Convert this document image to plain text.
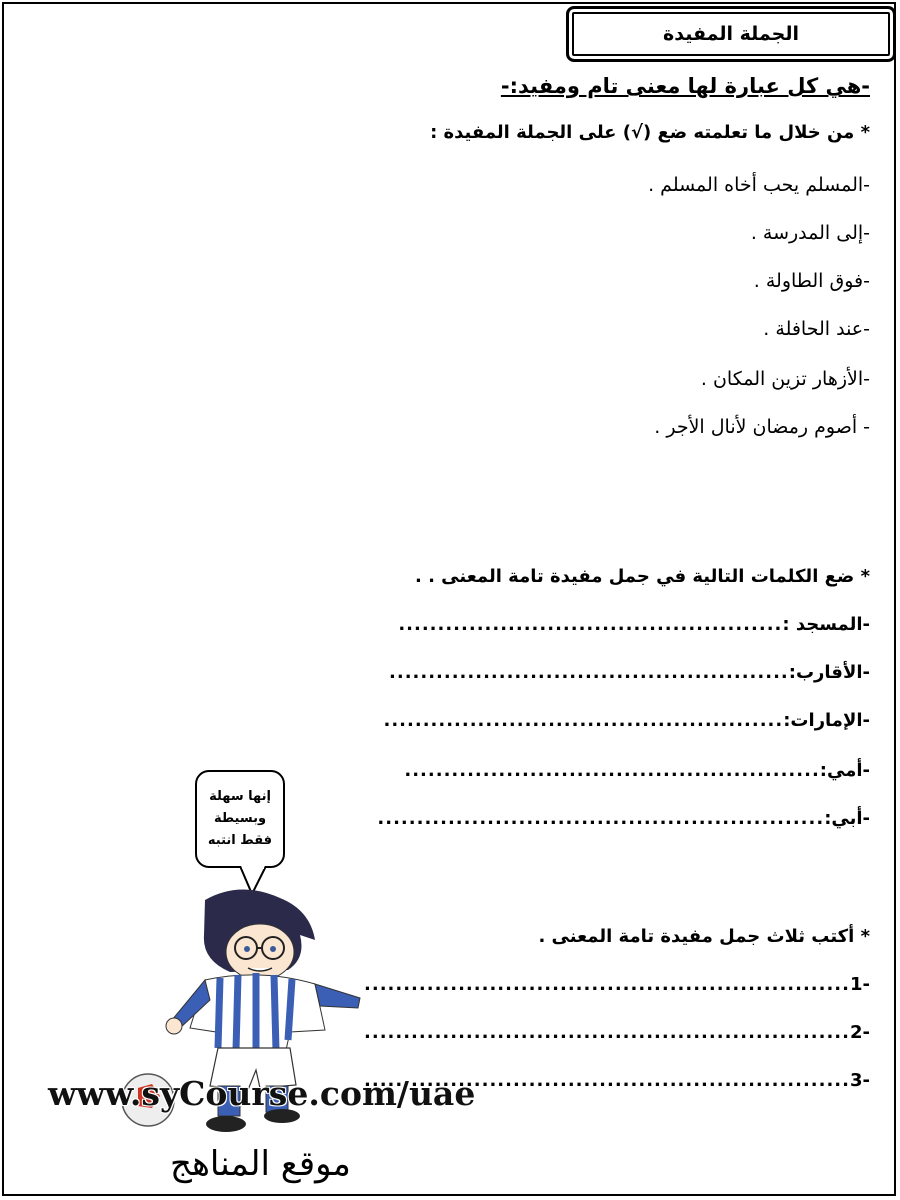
الجملة المفيدة
-هي كل عبارة لها معنى تام ومفيد:-
* من خلال ما تعلمته ضع (√) على الجملة المفيدة :
-المسلم يحب أخاه المسلم .
-إلى المدرسة .
-فوق الطاولة .
-عند الحافلة .
-الأزهار تزين المكان .
- أصوم رمضان لأنال الأجر .
* ضع الكلمات التالية في جمل مفيدة تامة المعنى . .
-المسجد :.................................................
-الأقارب:...................................................
-الإمارات:...................................................
-أمي:.....................................................
-أبي:.........................................................
* أكتب ثلاث جمل مفيدة تامة المعنى .
-1..............................................................
-2..............................................................
-3..............................................................
إنها سهلة
وبسيطة
فقط انتبه
www.syCourse.com/uae
موقع المناهج
